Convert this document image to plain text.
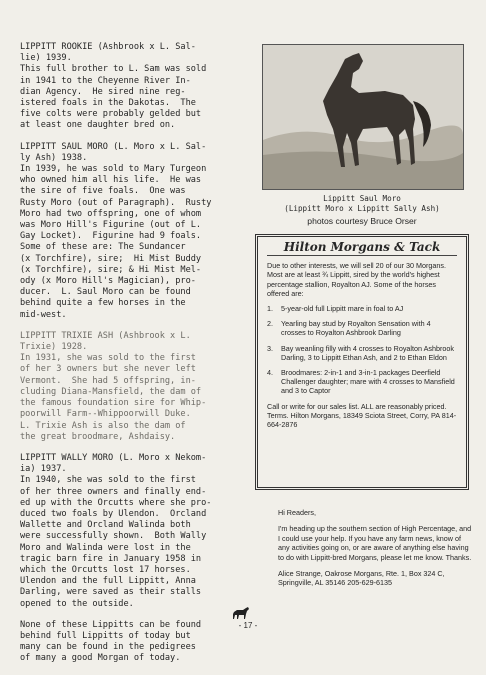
LIPPITT ROOKIE (Ashbrook x L. Sal-
lie) 1939.
This full brother to L. Sam was sold
in 1941 to the Cheyenne River In-
dian Agency.  He sired nine reg-
istered foals in the Dakotas.  The
five colts were probably gelded but
at least one daughter bred on.

LIPPITT SAUL MORO (L. Moro x L. Sal-
ly Ash) 1938.
In 1939, he was sold to Mary Turgeon
who owned him all his life.  He was
the sire of five foals.  One was
Rusty Moro (out of Paragraph).  Rusty
Moro had two offspring, one of whom
was Moro Hill's Figurine (out of L.
Gay Locket).  Figurine had 9 foals.
Some of these are: The Sundancer
(x Torchfire), sire;  Hi Mist Buddy
(x Torchfire), sire; & Hi Mist Mel-
ody (x Moro Hill's Magician), pro-
ducer.  L. Saul Moro can be found
behind quite a few horses in the
mid-west.

LIPPITT TRIXIE ASH (Ashbrook x L.
Trixie) 1928.
In 1931, she was sold to the first
of her 3 owners but she never left
Vermont.  She had 5 offspring, in-
cluding Diana-Mansfield, the dam of
the famous foundation sire for Whip-
poorwill Farm--Whippoorwill Duke.
L. Trixie Ash is also the dam of
the great broodmare, Ashdaisy.

LIPPITT WALLY MORO (L. Moro x Nekom-
ia) 1937.
In 1940, she was sold to the first
of her three owners and finally end-
ed up with the Orcutts where she pro-
duced two foals by Ulendon.  Orcland
Wallette and Orcland Walinda both
were successfully shown.  Both Wally
Moro and Walinda were lost in the
tragic barn fire in January 1958 in
which the Orcutts lost 17 horses.
Ulendon and the full Lippitt, Anna
Darling, were saved as their stalls
opened to the outside.

None of these Lippitts can be found
behind full Lippitts of today but
many can be found in the pedigrees
of many a good Morgan of today.

Lippitt Saul Moro
(Lippitt Moro x Lippitt Sally Ash)
photos courtesy Bruce Orser
Hilton Morgans & Tack

Due to other interests, we will sell 20 of our 30 Morgans. Most are at least ¾ Lippitt, sired by the world's highest percentage stallion, Royalton AJ. Some of the horses offered are:

1.	5-year-old full Lippitt mare in foal to AJ
2.	Yearling bay stud by Royalton Sensation with 4 crosses to Royalton Ashbrook Darling
3.	Bay weanling filly with 4 crosses to Royalton Ashbrook Darling, 3 to Lippitt Ethan Ash, and 2 to Ethan Eldon
4.	Broodmares: 2-in-1 and 3-in-1 packages Deerfield Challenger daughter; mare with 4 crosses to Mansfield and 3 to Captor

Call or write for our sales list. ALL are reasonably priced. Terms. Hilton Morgans, 18349 Sciota Street, Corry, PA 814-664-2876

Hi Readers,

I'm heading up the southern section of High Percentage, and I could use your help. If you have any farm news, know of any activities going on, or are aware of anything else having to do with Lippitt-bred Morgans, please let me know. Thanks.

Alice Strange, Oakrose Morgans, Rte. 1, Box 324 C, Springville, AL 35146 205-629-6135

- 17 -
